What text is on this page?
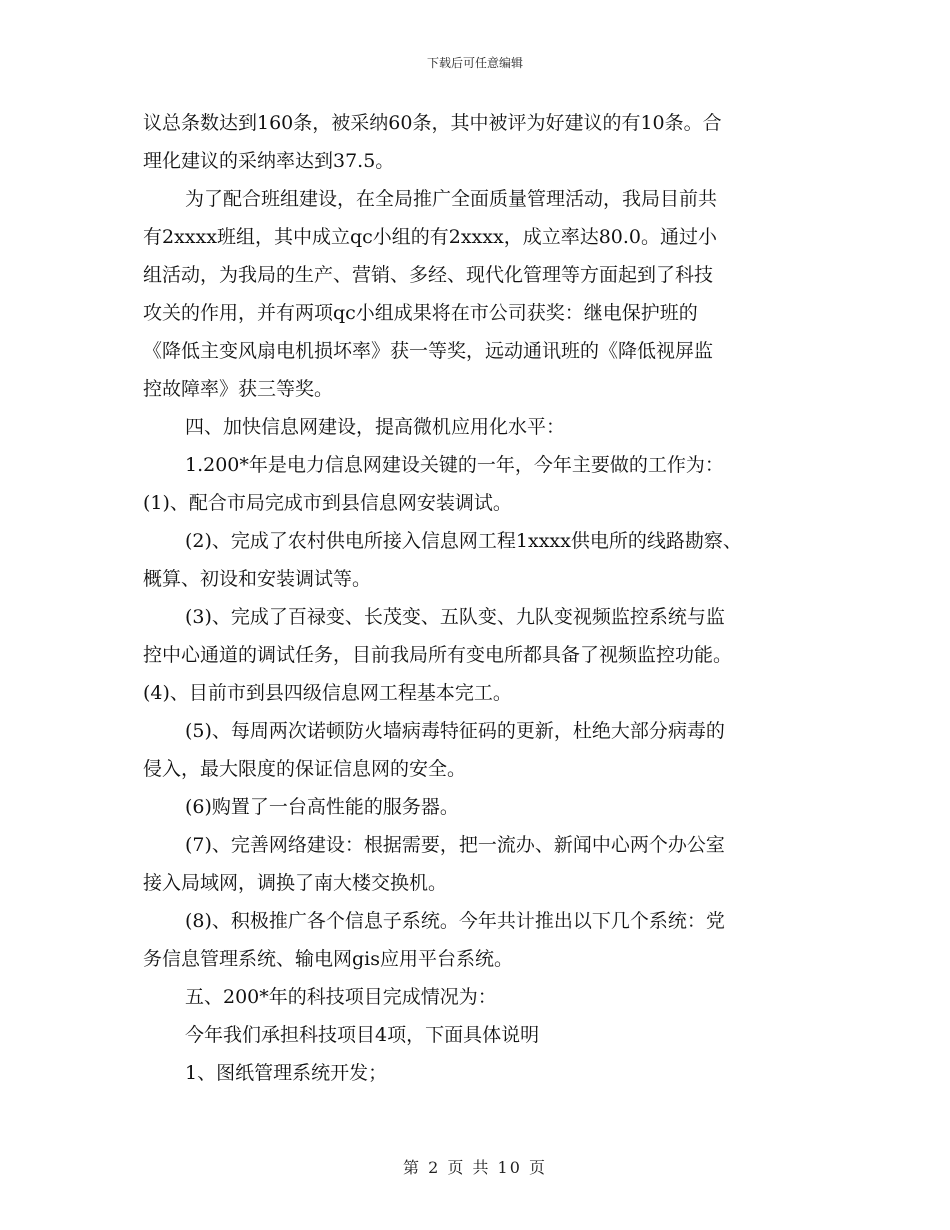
下载后可任意编辑
议总条数达到160条，被采纳60条，其中被评为好建议的有10条。合
理化建议的采纳率达到37.5。
为了配合班组建设，在全局推广全面质量管理活动，我局目前共
有2xxxx班组，其中成立qc小组的有2xxxx，成立率达80.0。通过小
组活动，为我局的生产、营销、多经、现代化管理等方面起到了科技
攻关的作用，并有两项qc小组成果将在市公司获奖：继电保护班的
《降低主变风扇电机损坏率》获一等奖，远动通讯班的《降低视屏监
控故障率》获三等奖。
四、加快信息网建设，提高微机应用化水平：
1.200*年是电力信息网建设关键的一年，今年主要做的工作为：
(1)、配合市局完成市到县信息网安装调试。
(2)、完成了农村供电所接入信息网工程1xxxx供电所的线路勘察、
概算、初设和安装调试等。
(3)、完成了百禄变、长茂变、五队变、九队变视频监控系统与监
控中心通道的调试任务，目前我局所有变电所都具备了视频监控功能。
(4)、目前市到县四级信息网工程基本完工。
(5)、每周两次诺顿防火墙病毒特征码的更新，杜绝大部分病毒的
侵入，最大限度的保证信息网的安全。
(6)购置了一台高性能的服务器。
(7)、完善网络建设：根据需要，把一流办、新闻中心两个办公室
接入局域网，调换了南大楼交换机。
(8)、积极推广各个信息子系统。今年共计推出以下几个系统：党
务信息管理系统、输电网gis应用平台系统。
五、200*年的科技项目完成情况为：
今年我们承担科技项目4项，下面具体说明
1、图纸管理系统开发；
第 2 页 共 10 页
